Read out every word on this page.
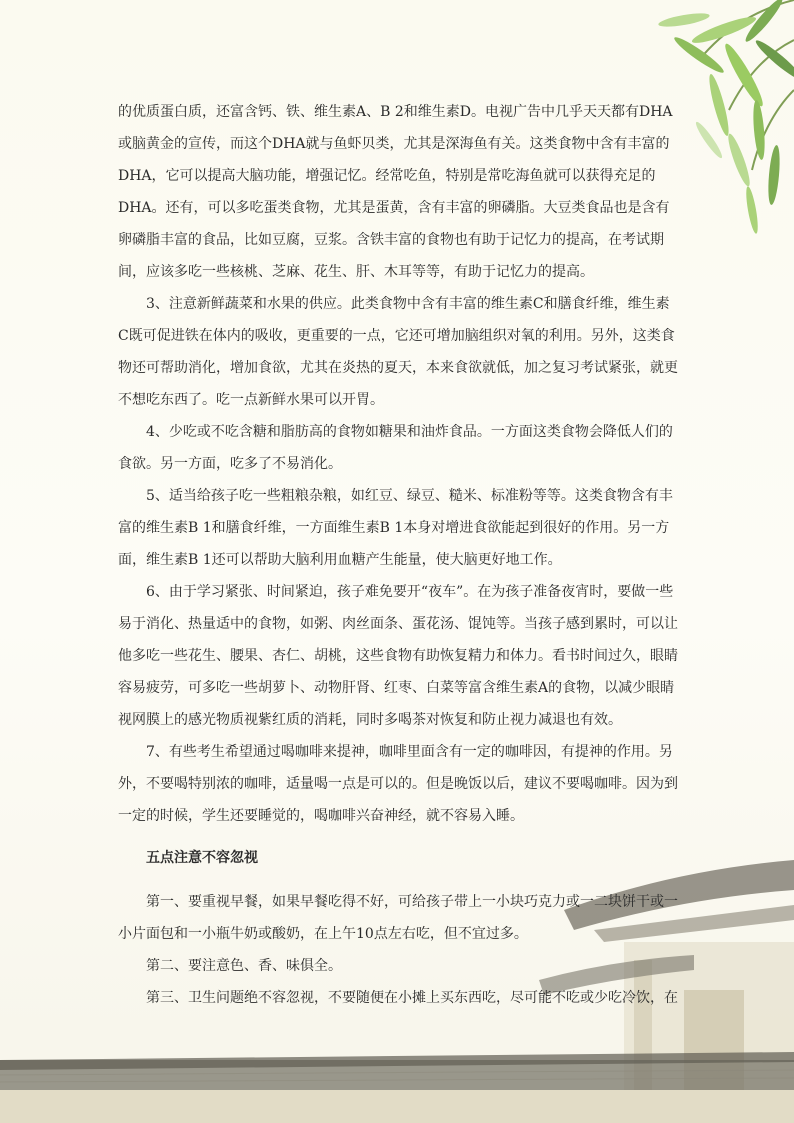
的优质蛋白质，还富含钙、铁、维生素A、B 2和维生素D。电视广告中几乎天天都有DHA或脑黄金的宣传，而这个DHA就与鱼虾贝类，尤其是深海鱼有关。这类食物中含有丰富的DHA，它可以提高大脑功能，增强记忆。经常吃鱼，特别是常吃海鱼就可以获得充足的DHA。还有，可以多吃蛋类食物，尤其是蛋黄，含有丰富的卵磷脂。大豆类食品也是含有卵磷脂丰富的食品，比如豆腐，豆浆。含铁丰富的食物也有助于记忆力的提高，在考试期间，应该多吃一些核桃、芝麻、花生、肝、木耳等等，有助于记忆力的提高。

3、注意新鲜蔬菜和水果的供应。此类食物中含有丰富的维生素C和膳食纤维，维生素C既可促进铁在体内的吸收，更重要的一点，它还可增加脑组织对氧的利用。另外，这类食物还可帮助消化，增加食欲，尤其在炎热的夏天，本来食欲就低，加之复习考试紧张，就更不想吃东西了。吃一点新鲜水果可以开胃。

4、少吃或不吃含糖和脂肪高的食物如糖果和油炸食品。一方面这类食物会降低人们的食欲。另一方面，吃多了不易消化。

5、适当给孩子吃一些粗粮杂粮，如红豆、绿豆、糙米、标准粉等等。这类食物含有丰富的维生素B 1和膳食纤维，一方面维生素B 1本身对增进食欲能起到很好的作用。另一方面，维生素B 1还可以帮助大脑利用血糖产生能量，使大脑更好地工作。

6、由于学习紧张、时间紧迫，孩子难免要开“夜车”。在为孩子准备夜宵时，要做一些易于消化、热量适中的食物，如粥、肉丝面条、蛋花汤、馄饨等。当孩子感到累时，可以让他多吃一些花生、腰果、杏仁、胡桃，这些食物有助恢复精力和体力。看书时间过久，眼睛容易疲劳，可多吃一些胡萝卜、动物肝肾、红枣、白菜等富含维生素A的食物，以减少眼睛视网膜上的感光物质视紫红质的消耗，同时多喝茶对恢复和防止视力减退也有效。

7、有些考生希望通过喝咖啡来提神，咖啡里面含有一定的咖啡因，有提神的作用。另外，不要喝特别浓的咖啡，适量喝一点是可以的。但是晚饭以后，建议不要喝咖啡。因为到一定的时候，学生还要睡觉的，喝咖啡兴奋神经，就不容易入睡。

五点注意不容忽视

第一、要重视早餐，如果早餐吃得不好，可给孩子带上一小块巧克力或一二块饼干或一小片面包和一小瓶牛奶或酸奶，在上午10点左右吃，但不宜过多。

第二、要注意色、香、味俱全。

第三、卫生问题绝不容忽视，不要随便在小摊上买东西吃，尽可能不吃或少吃冷饮，在
